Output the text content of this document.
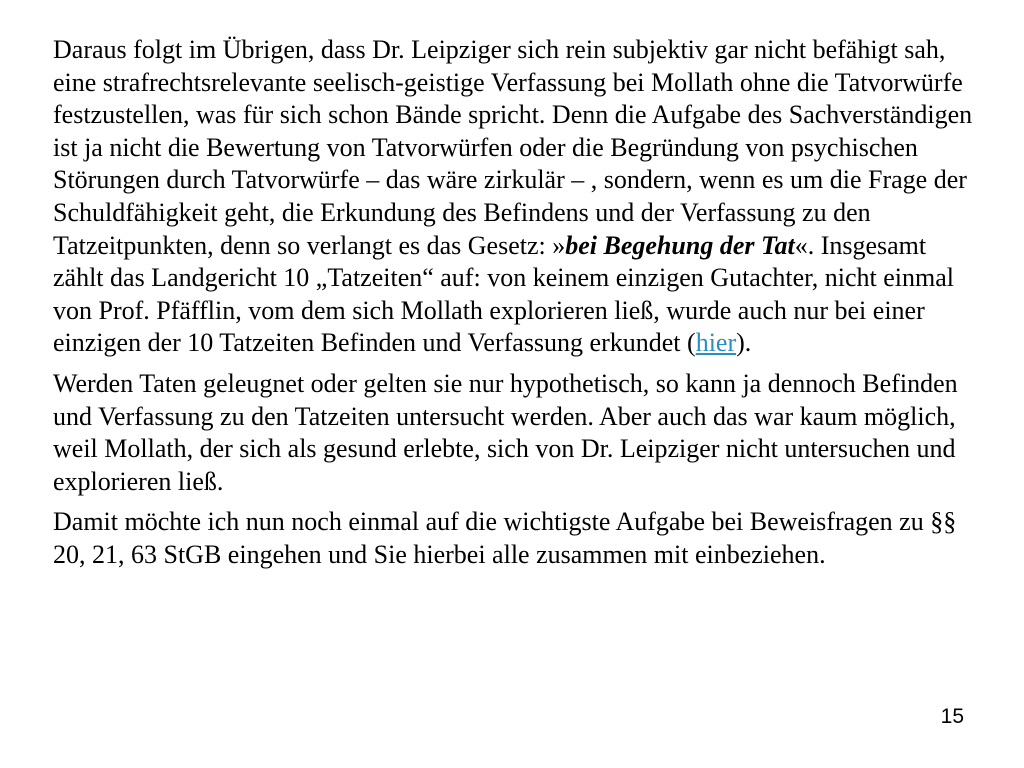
Daraus folgt im Übrigen, dass Dr. Leipziger sich rein subjektiv gar nicht befähigt sah, eine strafrechtsrelevante seelisch-geistige Verfassung bei Mollath ohne die Tatvorwürfe festzustellen, was für sich schon Bände spricht. Denn die Aufgabe des Sachverständigen ist ja nicht die Bewertung von Tatvorwürfen oder die Begründung von psychischen Störungen durch Tatvorwürfe – das wäre zirkulär – , sondern, wenn es um die Frage der Schuldfähigkeit geht, die Erkundung des Befindens und der Verfassung zu den Tatzeitpunkten, denn so verlangt es das Gesetz: »bei Begehung der Tat«. Insgesamt zählt das Landgericht 10 „Tatzeiten“ auf: von keinem einzigen Gutachter, nicht einmal von Prof. Pfäfflin, vom dem sich Mollath explorieren ließ, wurde auch nur bei einer einzigen der 10 Tatzeiten Befinden und Verfassung erkundet (hier).

Werden Taten geleugnet oder gelten sie nur hypothetisch, so kann ja dennoch Befinden und Verfassung zu den Tatzeiten untersucht werden. Aber auch das war kaum möglich, weil Mollath, der sich als gesund erlebte, sich von Dr. Leipziger nicht untersuchen und explorieren ließ.

Damit möchte ich nun noch einmal auf die wichtigste Aufgabe bei Beweisfragen zu §§ 20, 21, 63 StGB eingehen und Sie hierbei alle zusammen mit einbeziehen.

15
